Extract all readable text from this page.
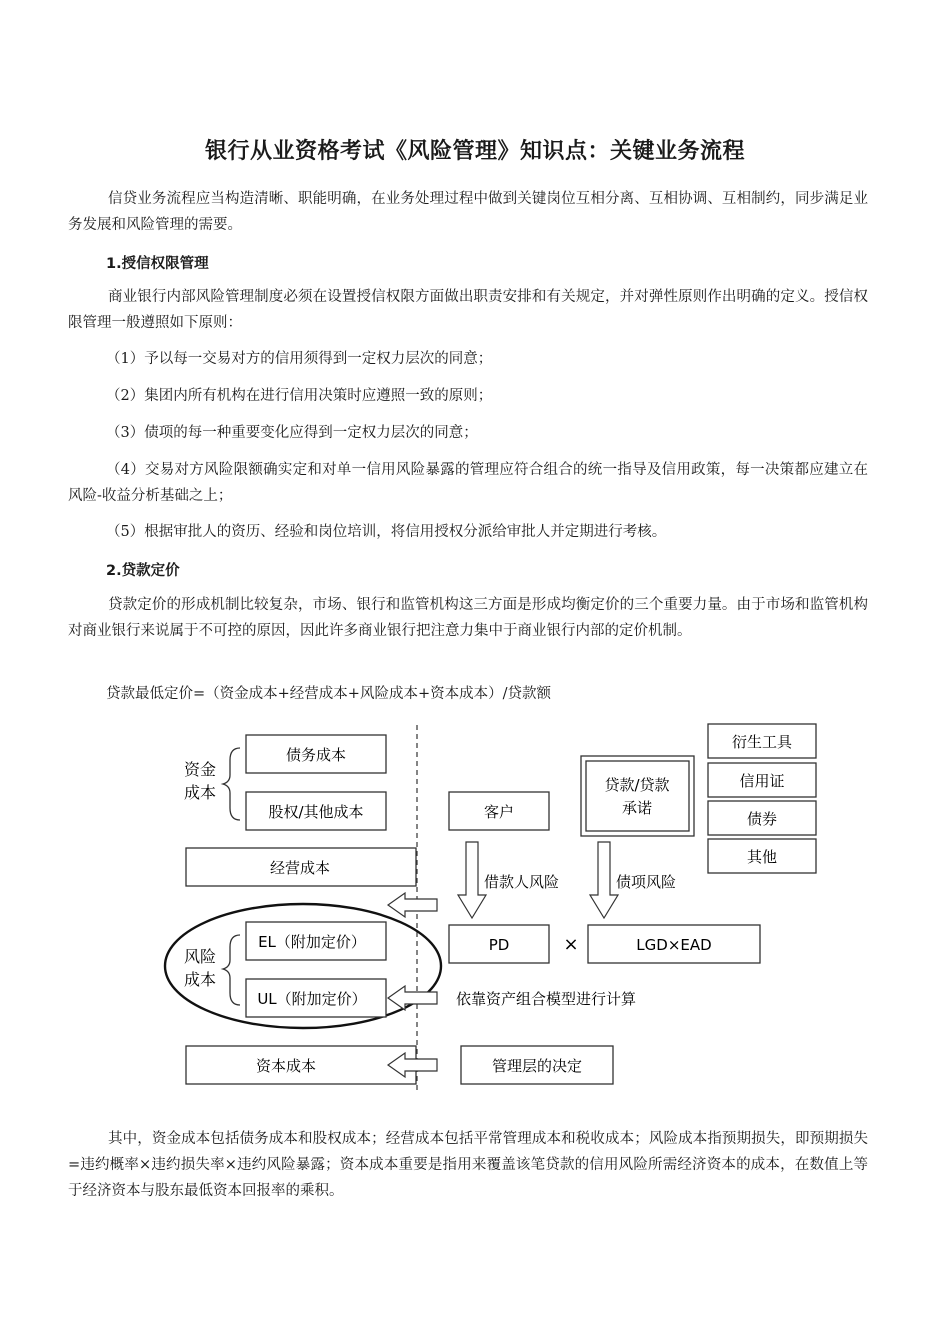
银行从业资格考试《风险管理》知识点：关键业务流程

信贷业务流程应当构造清晰、职能明确，在业务处理过程中做到关键岗位互相分离、互相协调、互相制约，同步满足业务发展和风险管理的需要。

1.授信权限管理

商业银行内部风险管理制度必须在设置授信权限方面做出职责安排和有关规定，并对弹性原则作出明确的定义。授信权限管理一般遵照如下原则：

（1）予以每一交易对方的信用须得到一定权力层次的同意；

（2）集团内所有机构在进行信用决策时应遵照一致的原则；

（3）债项的每一种重要变化应得到一定权力层次的同意；

（4）交易对方风险限额确实定和对单一信用风险暴露的管理应符合组合的统一指导及信用政策，每一决策都应建立在风险-收益分析基础之上；

（5）根据审批人的资历、经验和岗位培训，将信用授权分派给审批人并定期进行考核。

2.贷款定价

贷款定价的形成机制比较复杂，市场、银行和监管机构这三方面是形成均衡定价的三个重要力量。由于市场和监管机构对商业银行来说属于不可控的原因，因此许多商业银行把注意力集中于商业银行内部的定价机制。

贷款最低定价=（资金成本+经营成本+风险成本+资本成本）/贷款额

资金
成本
债务成本
股权/其他成本
经营成本
风险
成本
EL（附加定价）
UL（附加定价）
资本成本
客户
借款人风险
贷款/贷款
承诺
债项风险
PD	×	LGD×EAD
依靠资产组合模型进行计算
管理层的决定
衍生工具
信用证
债券
其他

其中，资金成本包括债务成本和股权成本；经营成本包括平常管理成本和税收成本；风险成本指预期损失，即预期损失=违约概率×违约损失率×违约风险暴露；资本成本重要是指用来覆盖该笔贷款的信用风险所需经济资本的成本，在数值上等于经济资本与股东最低资本回报率的乘积。
